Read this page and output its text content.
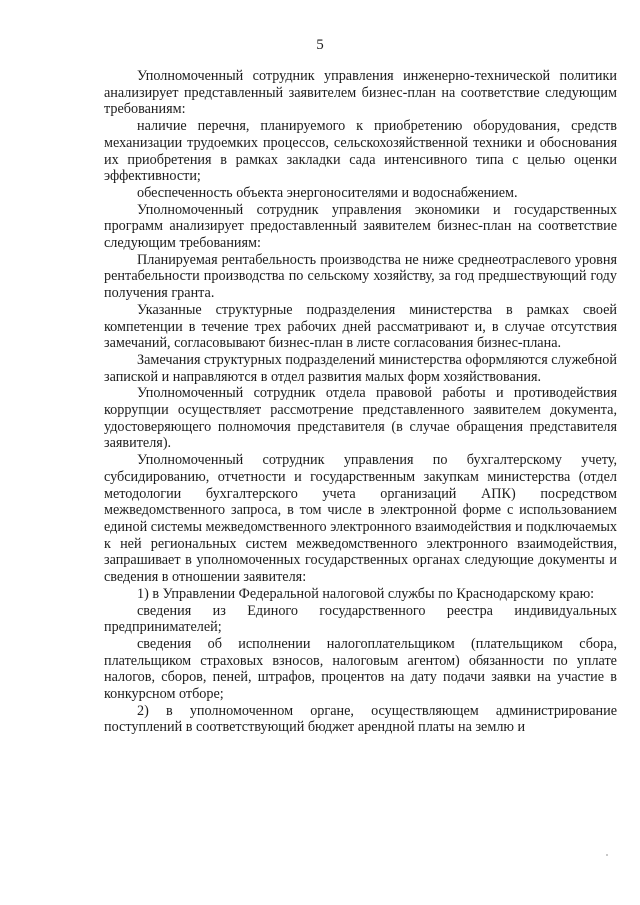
5

Уполномоченный сотрудник управления инженерно-технической политики анализирует представленный заявителем бизнес-план на соответствие следующим требованиям:

наличие перечня, планируемого к приобретению оборудования, средств механизации трудоемких процессов, сельскохозяйственной техники и обоснования их приобретения в рамках закладки сада интенсивного типа с целью оценки эффективности;

обеспеченность объекта энергоносителями и водоснабжением.

Уполномоченный сотрудник управления экономики и государственных программ анализирует предоставленный заявителем бизнес-план на соответствие следующим требованиям:

Планируемая рентабельность производства не ниже среднеотраслевого уровня рентабельности производства по сельскому хозяйству, за год предшествующий году получения гранта.

Указанные структурные подразделения министерства в рамках своей компетенции в течение трех рабочих дней рассматривают и, в случае отсутствия замечаний, согласовывают бизнес-план в листе согласования бизнес-плана.

Замечания структурных подразделений министерства оформляются служебной запиской и направляются в отдел развития малых форм хозяйствования.

Уполномоченный сотрудник отдела правовой работы и противодействия коррупции осуществляет рассмотрение представленного заявителем документа, удостоверяющего полномочия представителя (в случае обращения представителя заявителя).

Уполномоченный сотрудник управления по бухгалтерскому учету, субсидированию, отчетности и государственным закупкам министерства (отдел методологии бухгалтерского учета организаций АПК) посредством межведомственного запроса, в том числе в электронной форме с использованием единой системы межведомственного электронного взаимодействия и подключаемых к ней региональных систем межведомственного электронного взаимодействия, запрашивает в уполномоченных государственных органах следующие документы и сведения в отношении заявителя:

1) в Управлении Федеральной налоговой службы по Краснодарскому краю:

сведения из Единого государственного реестра индивидуальных предпринимателей;

сведения об исполнении налогоплательщиком (плательщиком сбора, плательщиком страховых взносов, налоговым агентом) обязанности по уплате налогов, сборов, пеней, штрафов, процентов на дату подачи заявки на участие в конкурсном отборе;

2) в уполномоченном органе, осуществляющем администрирование поступлений в соответствующий бюджет арендной платы на землю и
